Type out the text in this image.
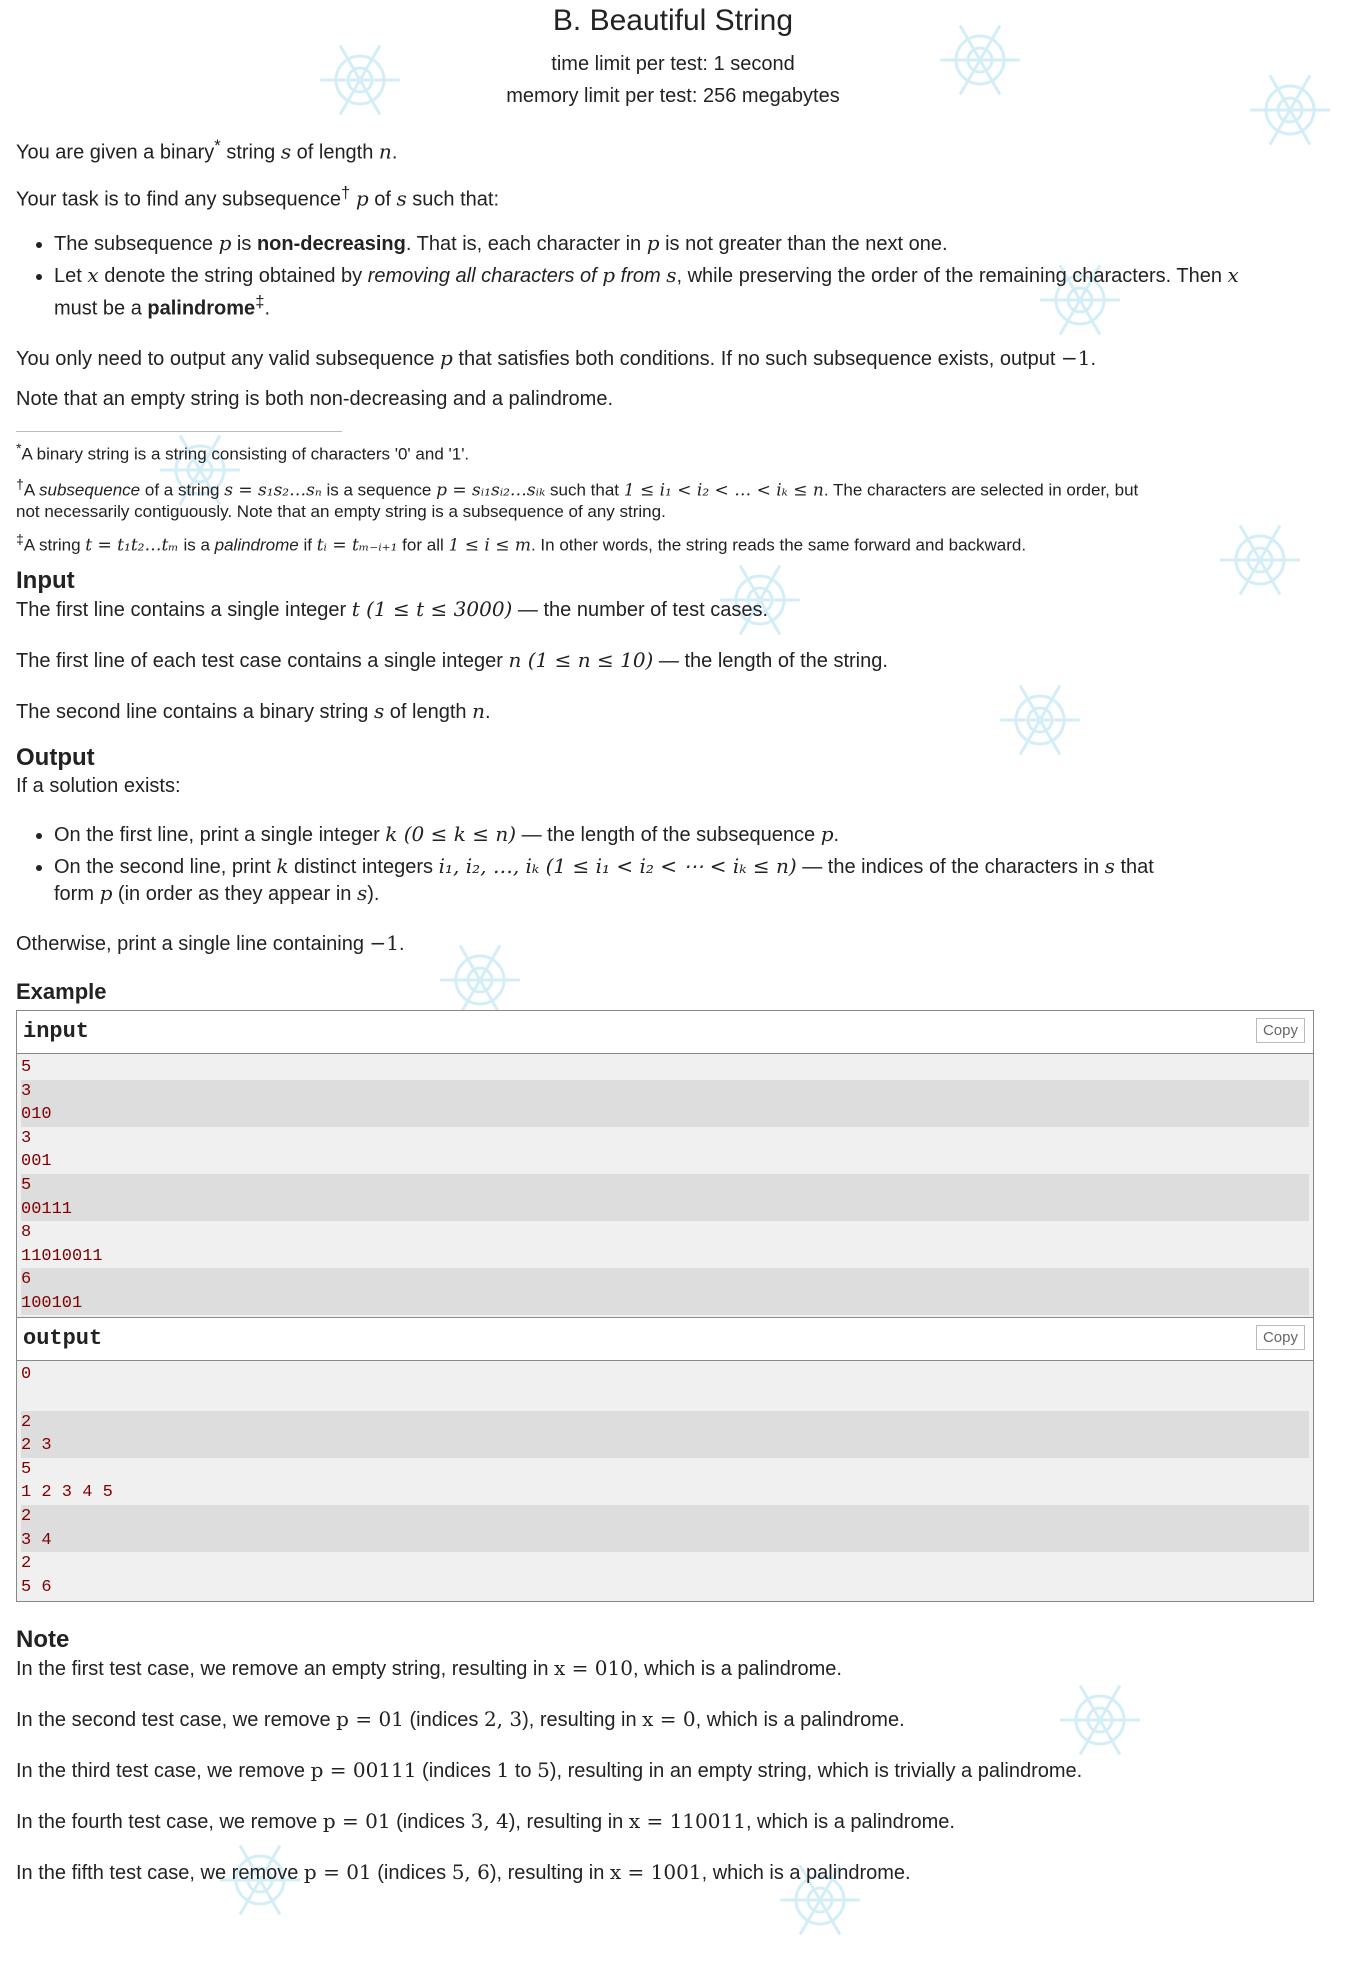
B. Beautiful String
time limit per test: 1 second
memory limit per test: 256 megabytes

You are given a binary* string s of length n.

Your task is to find any subsequence† p of s such that:

• The subsequence p is non-decreasing. That is, each character in p is not greater than the next one.
• Let x denote the string obtained by removing all characters of p from s, while preserving the order of the remaining characters. Then x
must be a palindrome‡.

You only need to output any valid subsequence p that satisfies both conditions. If no such subsequence exists, output −1.

Note that an empty string is both non-decreasing and a palindrome.

*A binary string is a string consisting of characters '0' and '1'.
†A subsequence of a string s = s₁s₂…sₙ is a sequence p = sᵢ₁sᵢ₂…sᵢₖ such that 1 ≤ i₁ < i₂ < … < iₖ ≤ n. The characters are selected in order, but
not necessarily contiguously. Note that an empty string is a subsequence of any string.
‡A string t = t₁t₂…tₘ is a palindrome if tᵢ = tₘ₋ᵢ₊₁ for all 1 ≤ i ≤ m. In other words, the string reads the same forward and backward.
Input

The first line contains a single integer t (1 ≤ t ≤ 3000) — the number of test cases.

The first line of each test case contains a single integer n (1 ≤ n ≤ 10) — the length of the string.

The second line contains a binary string s of length n.

Output

If a solution exists:

• On the first line, print a single integer k (0 ≤ k ≤ n) — the length of the subsequence p.
• On the second line, print k distinct integers i₁, i₂, …, iₖ (1 ≤ i₁ < i₂ < ⋯ < iₖ ≤ n) — the indices of the characters in s that
form p (in order as they appear in s).

Otherwise, print a single line containing −1.

Example
input	Copy
5
3
010
3
001
5
00111
8
11010011
6
100101
output	Copy
0

2
2 3
5
1 2 3 4 5
2
3 4
2
5 6
Note

In the first test case, we remove an empty string, resulting in x = 010, which is a palindrome.

In the second test case, we remove p = 01 (indices 2, 3), resulting in x = 0, which is a palindrome.

In the third test case, we remove p = 00111 (indices 1 to 5), resulting in an empty string, which is trivially a palindrome.

In the fourth test case, we remove p = 01 (indices 3, 4), resulting in x = 110011, which is a palindrome.

In the fifth test case, we remove p = 01 (indices 5, 6), resulting in x = 1001, which is a palindrome.
